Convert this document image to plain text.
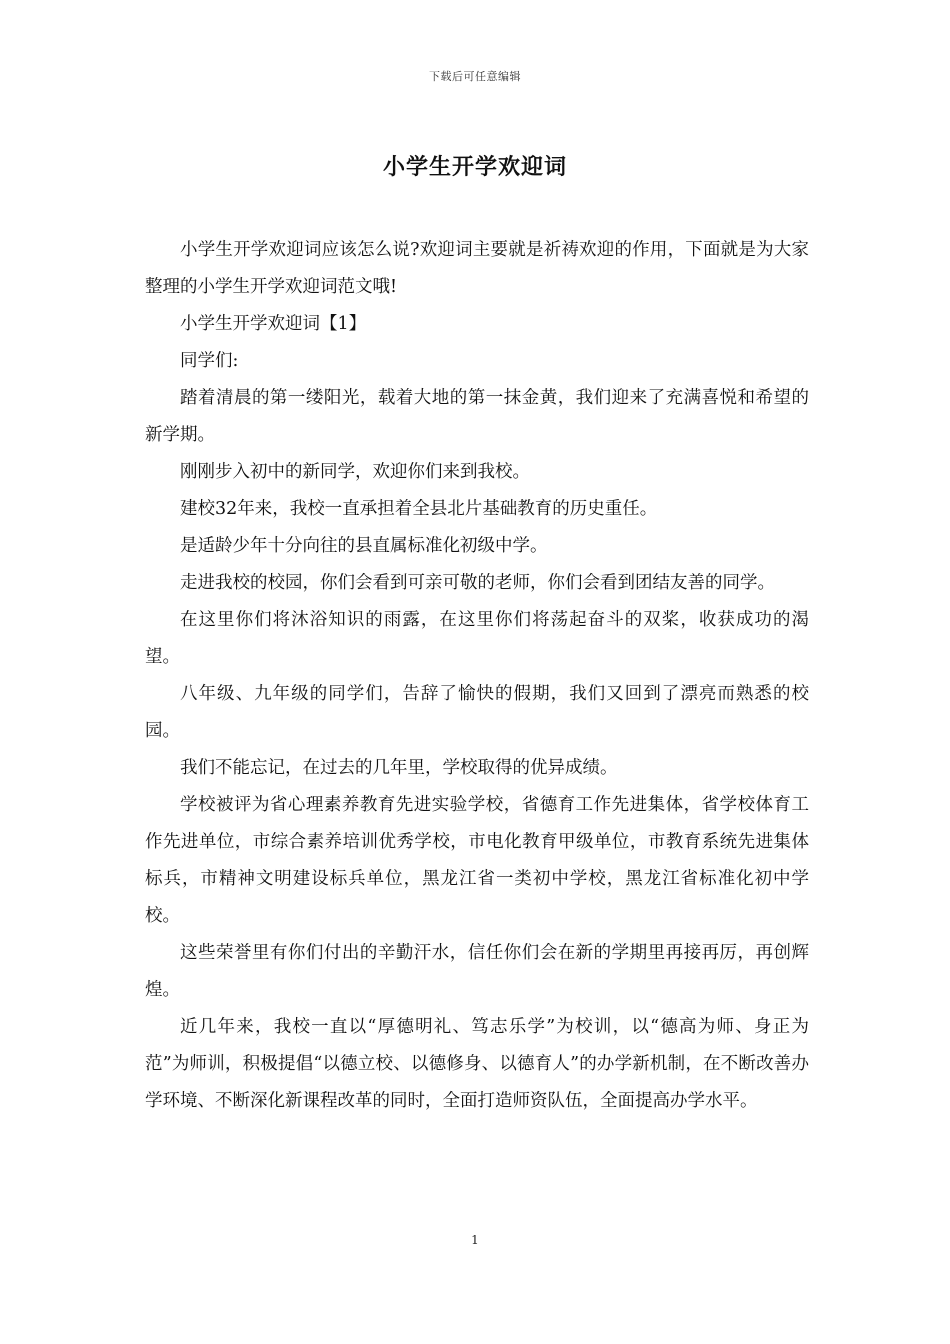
下载后可任意编辑
小学生开学欢迎词

小学生开学欢迎词应该怎么说?欢迎词主要就是祈祷欢迎的作用，下面就是为大家整理的小学生开学欢迎词范文哦!

小学生开学欢迎词【1】

同学们:

踏着清晨的第一缕阳光，载着大地的第一抹金黄，我们迎来了充满喜悦和希望的新学期。

刚刚步入初中的新同学，欢迎你们来到我校。

建校32年来，我校一直承担着全县北片基础教育的历史重任。

是适龄少年十分向往的县直属标准化初级中学。

走进我校的校园，你们会看到可亲可敬的老师，你们会看到团结友善的同学。

在这里你们将沐浴知识的雨露，在这里你们将荡起奋斗的双桨，收获成功的渴望。

八年级、九年级的同学们，告辞了愉快的假期，我们又回到了漂亮而熟悉的校园。

我们不能忘记，在过去的几年里，学校取得的优异成绩。

学校被评为省心理素养教育先进实验学校，省德育工作先进集体，省学校体育工作先进单位，市综合素养培训优秀学校，市电化教育甲级单位，市教育系统先进集体标兵，市精神文明建设标兵单位，黑龙江省一类初中学校，黑龙江省标准化初中学校。

这些荣誉里有你们付出的辛勤汗水，信任你们会在新的学期里再接再厉，再创辉煌。

近几年来，我校一直以“厚德明礼、笃志乐学”为校训，以“德高为师、身正为范”为师训，积极提倡“以德立校、以德修身、以德育人”的办学新机制，在不断改善办学环境、不断深化新课程改革的同时，全面打造师资队伍，全面提高办学水平。

1
